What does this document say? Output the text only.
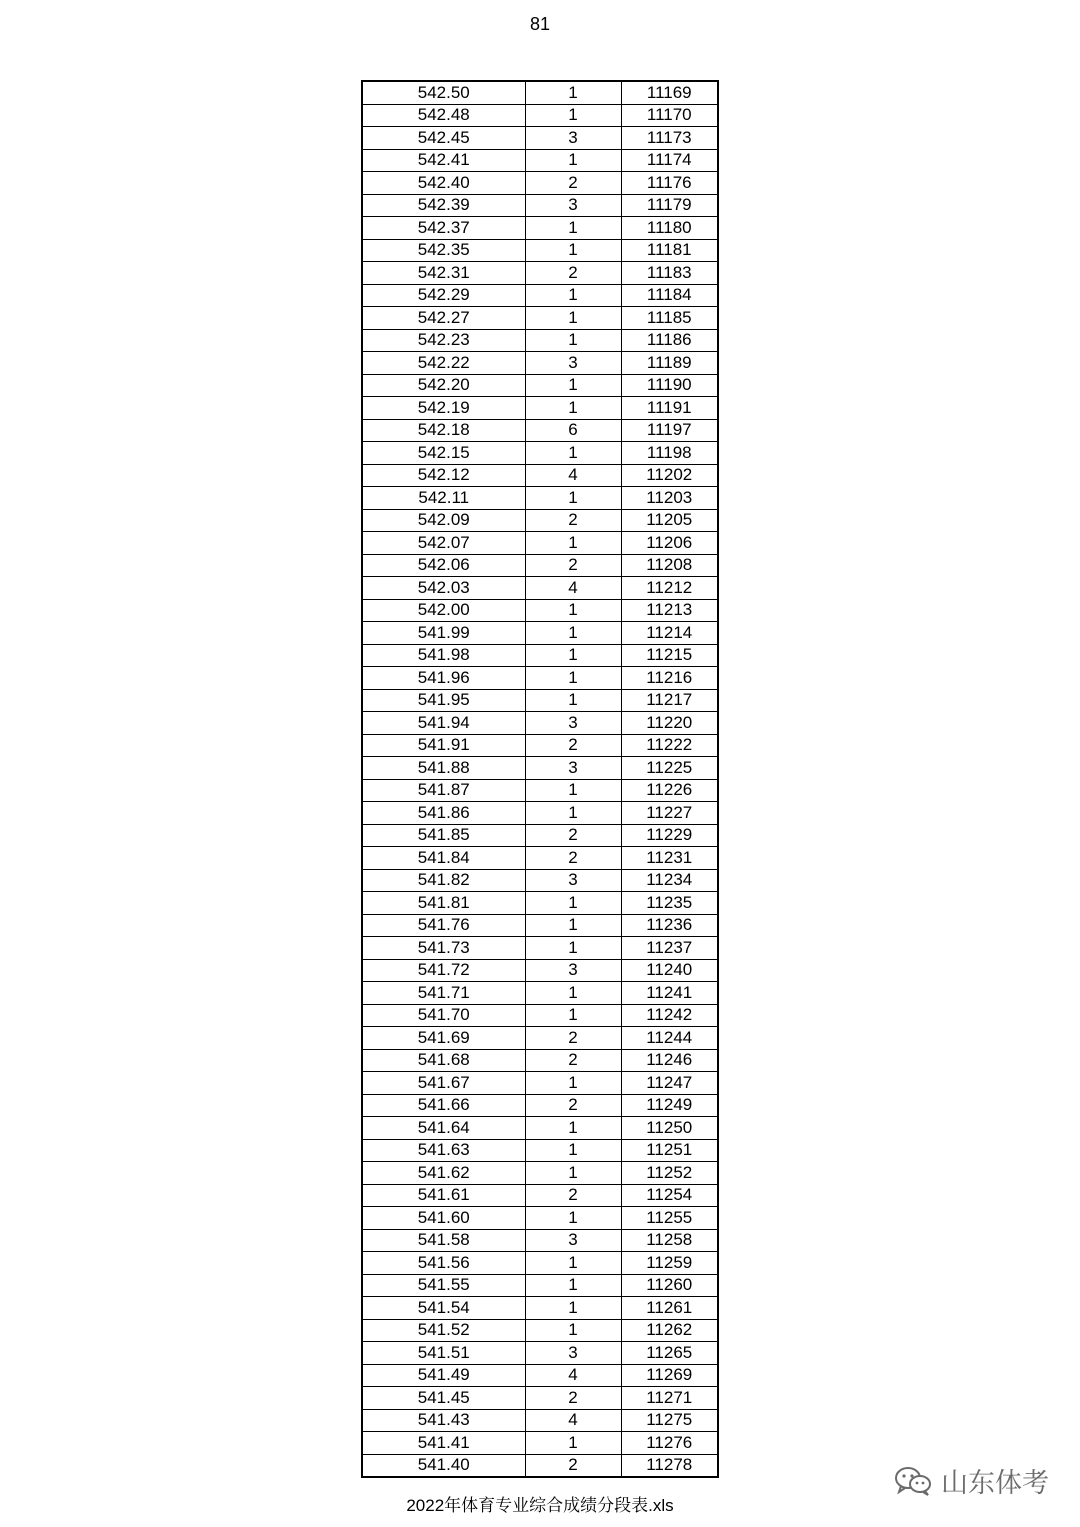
81
542.50	1	11169
542.48	1	11170
542.45	3	11173
542.41	1	11174
542.40	2	11176
542.39	3	11179
542.37	1	11180
542.35	1	11181
542.31	2	11183
542.29	1	11184
542.27	1	11185
542.23	1	11186
542.22	3	11189
542.20	1	11190
542.19	1	11191
542.18	6	11197
542.15	1	11198
542.12	4	11202
542.11	1	11203
542.09	2	11205
542.07	1	11206
542.06	2	11208
542.03	4	11212
542.00	1	11213
541.99	1	11214
541.98	1	11215
541.96	1	11216
541.95	1	11217
541.94	3	11220
541.91	2	11222
541.88	3	11225
541.87	1	11226
541.86	1	11227
541.85	2	11229
541.84	2	11231
541.82	3	11234
541.81	1	11235
541.76	1	11236
541.73	1	11237
541.72	3	11240
541.71	1	11241
541.70	1	11242
541.69	2	11244
541.68	2	11246
541.67	1	11247
541.66	2	11249
541.64	1	11250
541.63	1	11251
541.62	1	11252
541.61	2	11254
541.60	1	11255
541.58	3	11258
541.56	1	11259
541.55	1	11260
541.54	1	11261
541.52	1	11262
541.51	3	11265
541.49	4	11269
541.45	2	11271
541.43	4	11275
541.41	1	11276
541.40	2	11278
2022年体育专业综合成绩分段表.xls
山东体考
